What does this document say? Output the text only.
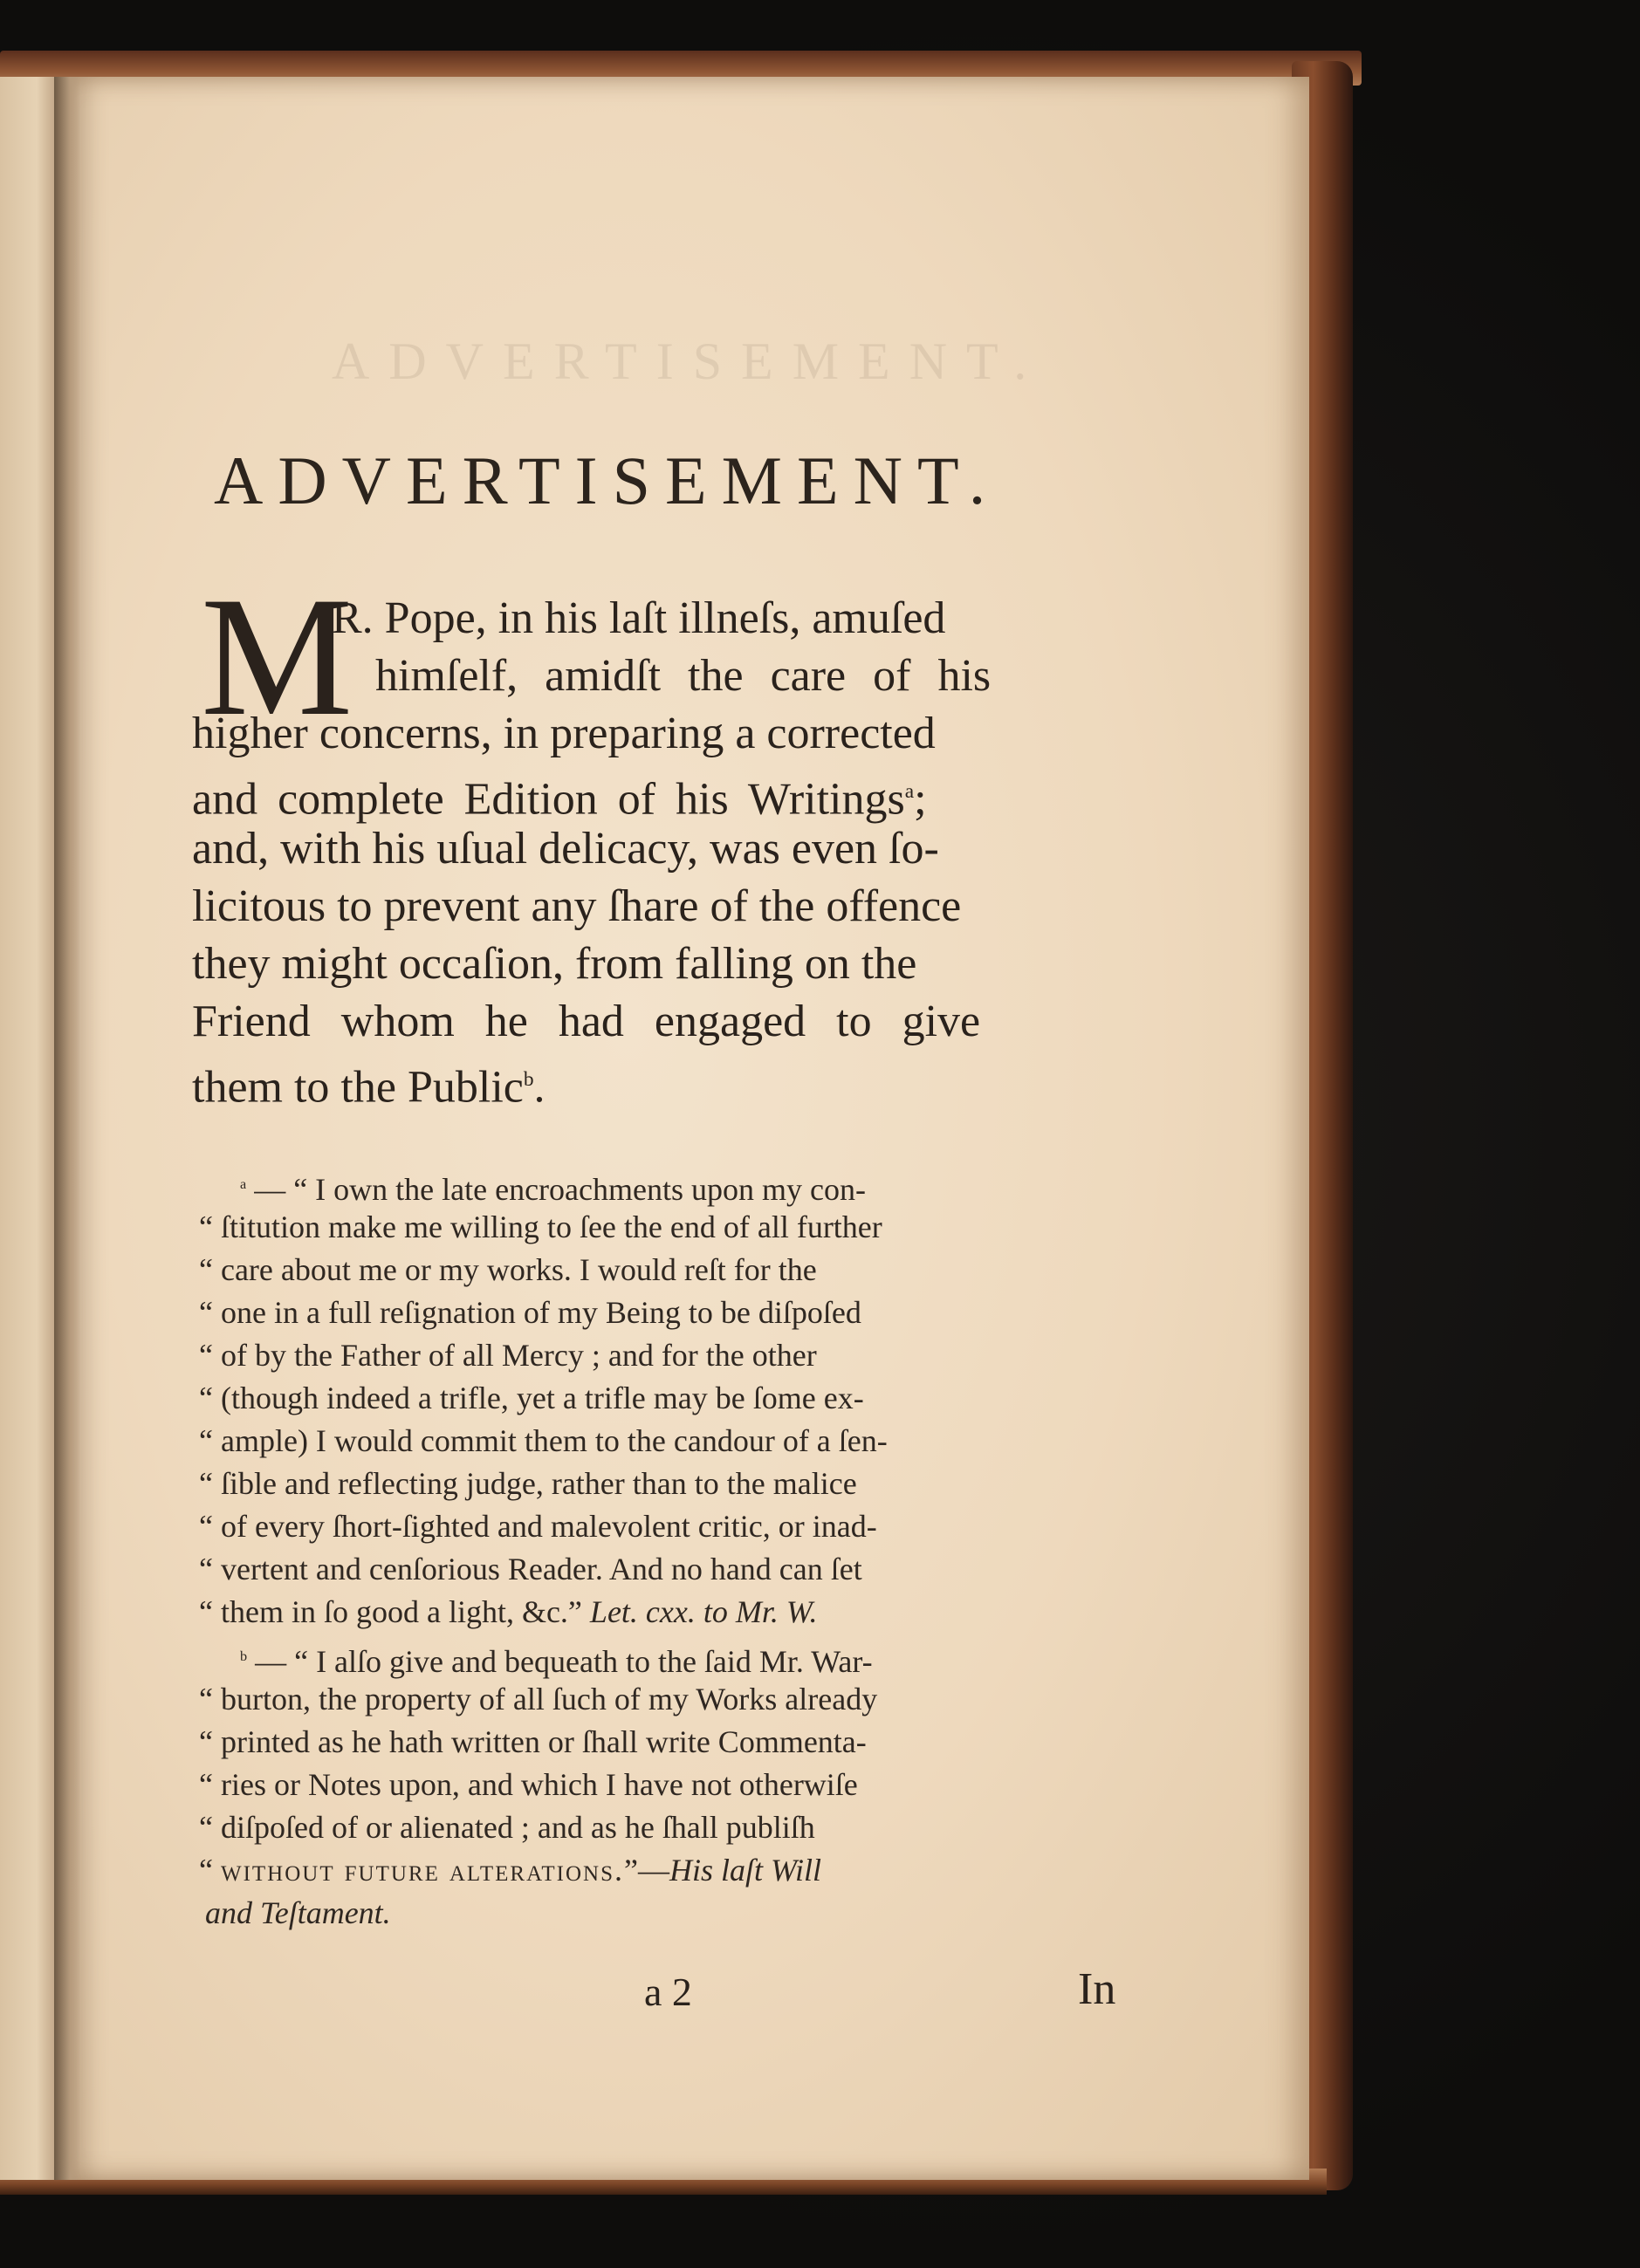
ADVERTISEMENT.
ADVERTISEMENT.
M
R. Pope, in his laſt illneſs, amuſed
himſelf, amidſt the care of his
higher concerns, in preparing a corrected
and complete Edition of his Writings$^a$;
and, with his uſual delicacy, was even ſo-
licitous to prevent any ſhare of the offence
they might occaſion, from falling on the
Friend whom he had engaged to give
them to the Public$^b$.
$^a$ — “ I own the late encroachments upon my con-
“ ſtitution make me willing to ſee the end of all further
“ care about me or my works. I would reſt for the
“ one in a full reſignation of my Being to be diſpoſed
“ of by the Father of all Mercy ; and for the other
“ (though indeed a trifle, yet a trifle may be ſome ex-
“ ample) I would commit them to the candour of a ſen-
“ ſible and reflecting judge, rather than to the malice
“ of every ſhort-ſighted and malevolent critic, or inad-
“ vertent and cenſorious Reader. And no hand can ſet
“ them in ſo good a light, &c.” Let. cxx. to Mr. W.
$^b$ — “ I alſo give and bequeath to the ſaid Mr. War-
“ burton, the property of all ſuch of my Works already
“ printed as he hath written or ſhall write Commenta-
“ ries or Notes upon, and which I have not otherwiſe
“ diſpoſed of or alienated ; and as he ſhall publiſh
“ without future alterations.”—His laſt Will
and Teſtament.
a 2	In
